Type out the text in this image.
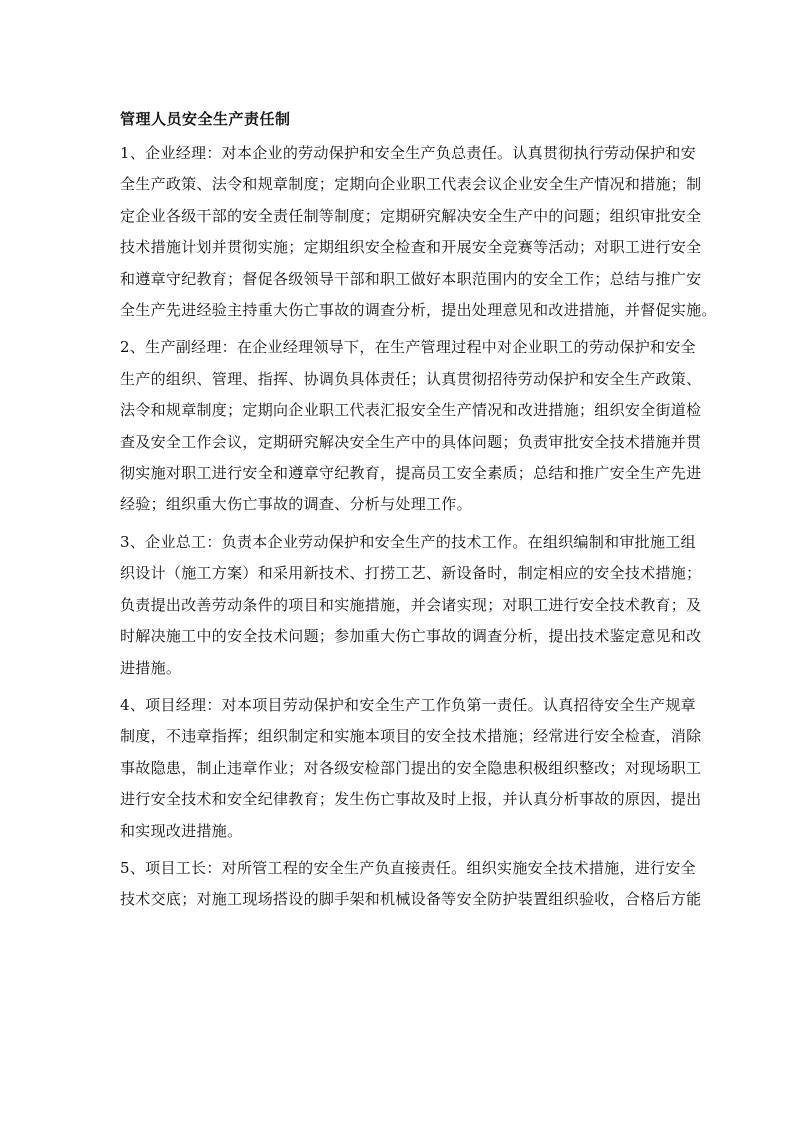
管理人员安全生产责任制
1、企业经理：对本企业的劳动保护和安全生产负总责任。认真贯彻执行劳动保护和安
全生产政策、法令和规章制度；定期向企业职工代表会议企业安全生产情况和措施；制
定企业各级干部的安全责任制等制度；定期研究解决安全生产中的问题；组织审批安全
技术措施计划并贯彻实施；定期组织安全检查和开展安全竞赛等活动；对职工进行安全
和遵章守纪教育；督促各级领导干部和职工做好本职范围内的安全工作；总结与推广安
全生产先进经验主持重大伤亡事故的调查分析，提出处理意见和改进措施，并督促实施。
2、生产副经理：在企业经理领导下，在生产管理过程中对企业职工的劳动保护和安全
生产的组织、管理、指挥、协调负具体责任；认真贯彻招待劳动保护和安全生产政策、
法令和规章制度；定期向企业职工代表汇报安全生产情况和改进措施；组织安全街道检
查及安全工作会议，定期研究解决安全生产中的具体问题；负责审批安全技术措施并贯
彻实施对职工进行安全和遵章守纪教育，提高员工安全素质；总结和推广安全生产先进
经验；组织重大伤亡事故的调查、分析与处理工作。
3、企业总工：负责本企业劳动保护和安全生产的技术工作。在组织编制和审批施工组
织设计（施工方案）和采用新技术、打捞工艺、新设备时，制定相应的安全技术措施；
负责提出改善劳动条件的项目和实施措施，并会诸实现；对职工进行安全技术教育；及
时解决施工中的安全技术问题；参加重大伤亡事故的调查分析，提出技术鉴定意见和改
进措施。
4、项目经理：对本项目劳动保护和安全生产工作负第一责任。认真招待安全生产规章
制度，不违章指挥；组织制定和实施本项目的安全技术措施；经常进行安全检查，消除
事故隐患，制止违章作业；对各级安检部门提出的安全隐患积极组织整改；对现场职工
进行安全技术和安全纪律教育；发生伤亡事故及时上报，并认真分析事故的原因，提出
和实现改进措施。
5、项目工长：对所管工程的安全生产负直接责任。组织实施安全技术措施，进行安全
技术交底；对施工现场搭设的脚手架和机械设备等安全防护装置组织验收，合格后方能
